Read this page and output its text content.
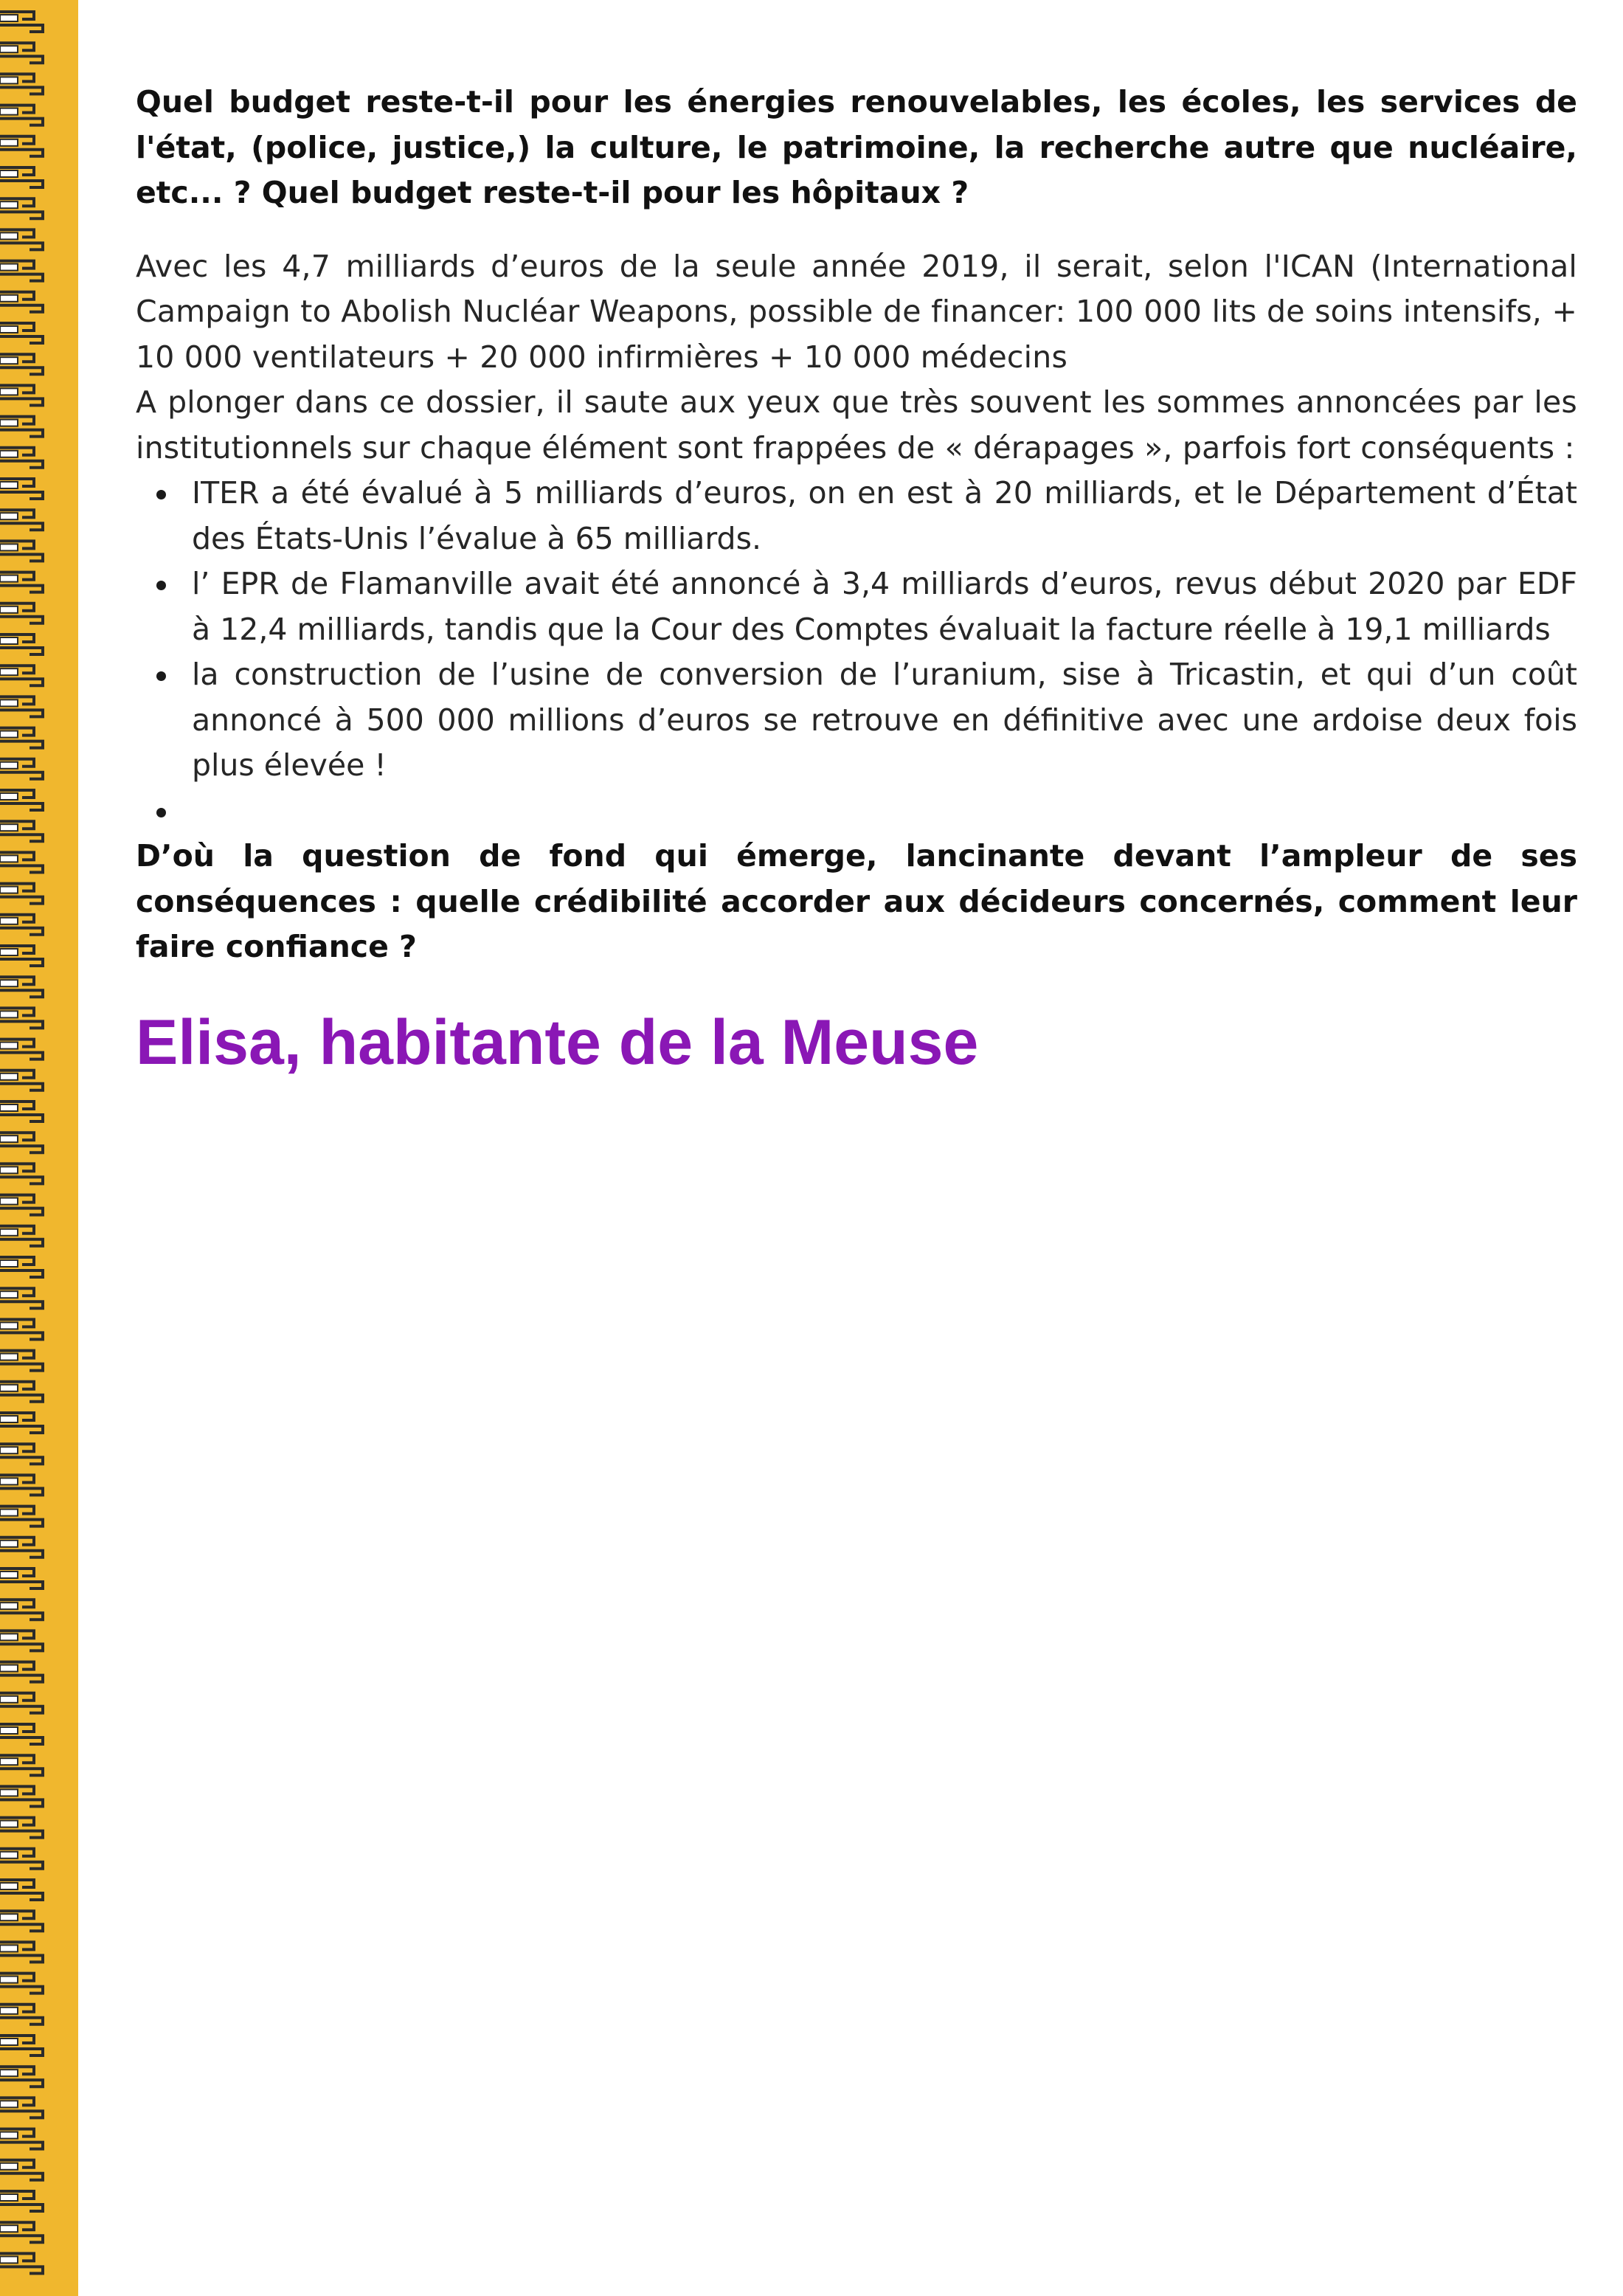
Quel budget reste-t-il pour les énergies renouvelables, les écoles, les services de l'état, (police, justice,) la culture, le patrimoine, la recherche autre que nucléaire, etc... ? Quel budget reste-t-il pour les hôpitaux ?

Avec les 4,7 milliards d’euros de la seule année 2019, il serait, selon l'ICAN (International Campaign to Abolish Nucléar Weapons, possible de financer: 100 000 lits de soins intensifs, + 10 000 ventilateurs + 20 000 infirmières + 10 000 médecins

A plonger dans ce dossier, il saute aux yeux que très souvent les sommes annoncées par les institutionnels sur chaque élément sont frappées de « dérapages », parfois fort conséquents :

ITER a été évalué à 5 milliards d’euros, on en est à 20 milliards, et le Département d’État des États-Unis l’évalue à 65 milliards.
l’ EPR de Flamanville avait été annoncé à 3,4 milliards d’euros, revus début 2020 par EDF à 12,4 milliards, tandis que la Cour des Comptes évaluait la facture réelle à 19,1 milliards
la construction de l’usine de conversion de l’uranium, sise à Tricastin, et qui d’un coût annoncé à 500 000 millions d’euros se retrouve en définitive avec une ardoise deux fois plus élevée !

D’où la question de fond qui émerge, lancinante devant l’ampleur de ses conséquences : quelle crédibilité accorder aux décideurs concernés, comment leur faire confiance ?

Elisa, habitante de la Meuse
